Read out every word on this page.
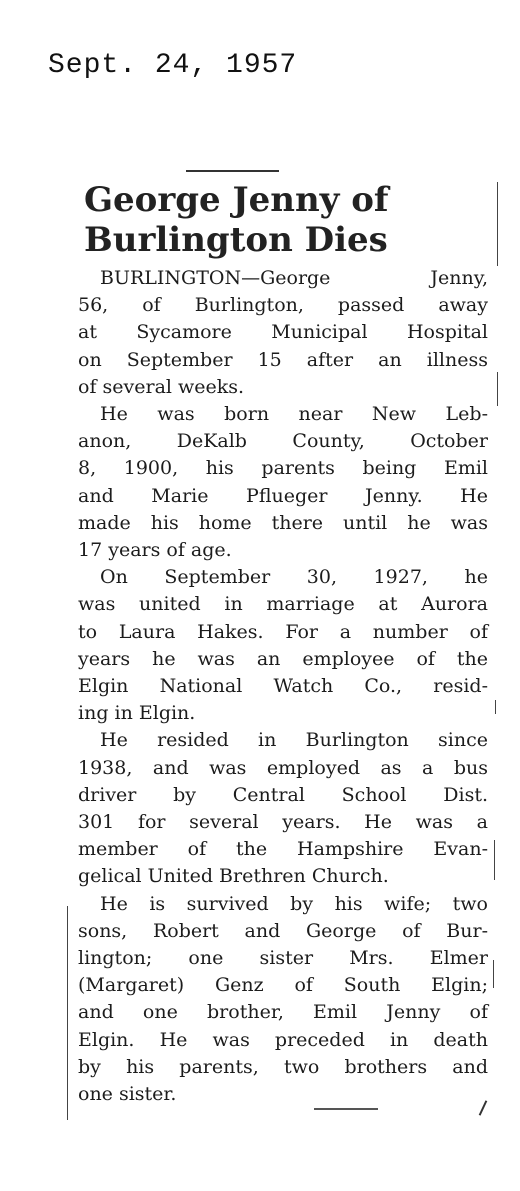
Sept. 24, 1957
George Jenny of
Burlington Dies

BURLINGTON—George Jenny,
56, of Burlington, passed away
at Sycamore Municipal Hospital
on September 15 after an illness
of several weeks.

He was born near New Leb-
anon, DeKalb County, October
8, 1900, his parents being Emil
and Marie Pflueger Jenny. He
made his home there until he was
17 years of age.

On September 30, 1927, he
was united in marriage at Aurora
to Laura Hakes. For a number of
years he was an employee of the
Elgin National Watch Co., resid-
ing in Elgin.

He resided in Burlington since
1938, and was employed as a bus
driver by Central School Dist.
301 for several years. He was a
member of the Hampshire Evan-
gelical United Brethren Church.

He is survived by his wife; two
sons, Robert and George of Bur-
lington; one sister Mrs. Elmer
(Margaret) Genz of South Elgin;
and one brother, Emil Jenny of
Elgin. He was preceded in death
by his parents, two brothers and
one sister.
